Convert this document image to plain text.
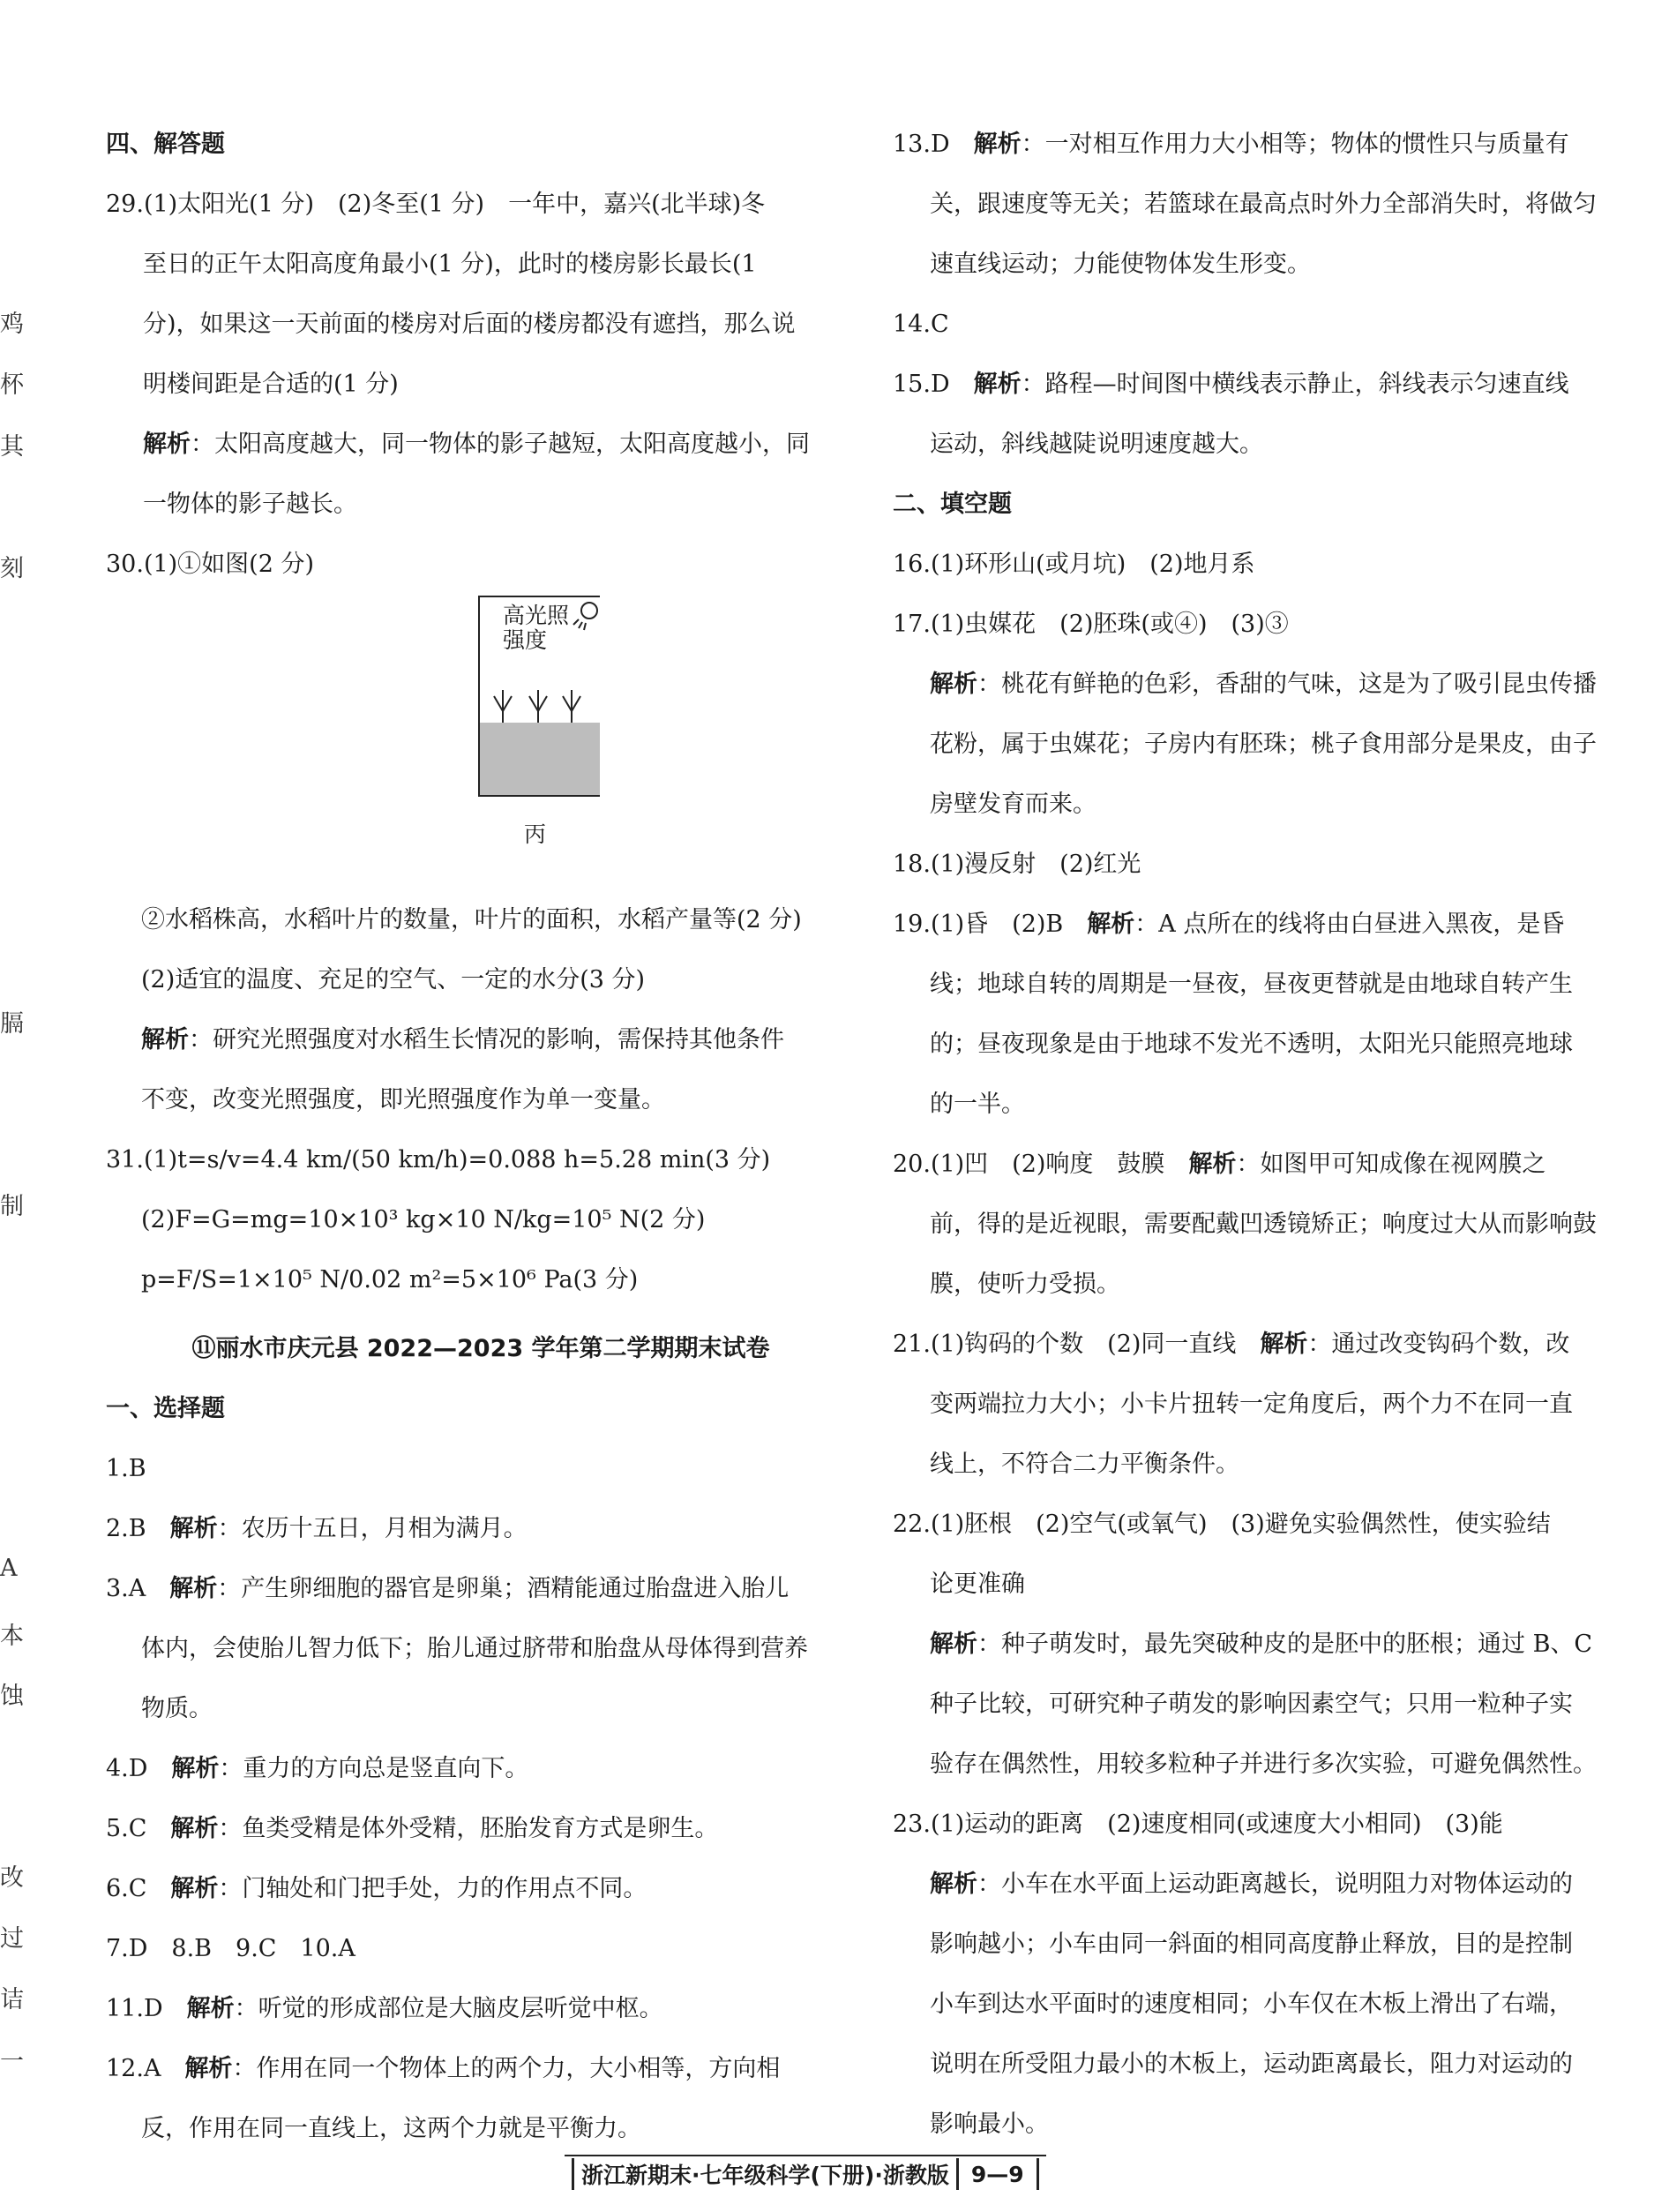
鸡
杯
其
刻
膈
制
A
本
蚀
改
过
诘
一

四、解答题

29.(1)太阳光(1 分)　(2)冬至(1 分)　一年中，嘉兴(北半球)冬

至日的正午太阳高度角最小(1 分)，此时的楼房影长最长(1

分)，如果这一天前面的楼房对后面的楼房都没有遮挡，那么说

明楼间距是合适的(1 分)

解析：太阳高度越大，同一物体的影子越短，太阳高度越小，同

一物体的影子越长。

30.(1)①如图(2 分)

高光照
强度
丙

②水稻株高，水稻叶片的数量，叶片的面积，水稻产量等(2 分)

(2)适宜的温度、充足的空气、一定的水分(3 分)

解析：研究光照强度对水稻生长情况的影响，需保持其他条件

不变，改变光照强度，即光照强度作为单一变量。

31.(1)t=s/v=4.4 km/(50 km/h)=0.088 h=5.28 min(3 分)

(2)F=G=mg=10×10³ kg×10 N/kg=10⁵ N(2 分)

p=F/S=1×10⁵ N/0.02 m²=5×10⁶ Pa(3 分)

⑪丽水市庆元县 2022—2023 学年第二学期期末试卷

一、选择题

1.B

2.B　解析：农历十五日，月相为满月。

3.A　解析：产生卵细胞的器官是卵巢；酒精能通过胎盘进入胎儿

体内，会使胎儿智力低下；胎儿通过脐带和胎盘从母体得到营养

物质。

4.D　解析：重力的方向总是竖直向下。

5.C　解析：鱼类受精是体外受精，胚胎发育方式是卵生。

6.C　解析：门轴处和门把手处，力的作用点不同。

7.D　8.B　9.C　10.A

11.D　解析：听觉的形成部位是大脑皮层听觉中枢。

12.A　解析：作用在同一个物体上的两个力，大小相等，方向相

反，作用在同一直线上，这两个力就是平衡力。

13.D　解析：一对相互作用力大小相等；物体的惯性只与质量有

关，跟速度等无关；若篮球在最高点时外力全部消失时，将做匀

速直线运动；力能使物体发生形变。

14.C

15.D　解析：路程—时间图中横线表示静止，斜线表示匀速直线

运动，斜线越陡说明速度越大。

二、填空题

16.(1)环形山(或月坑)　(2)地月系

17.(1)虫媒花　(2)胚珠(或④)　(3)③

解析：桃花有鲜艳的色彩，香甜的气味，这是为了吸引昆虫传播

花粉，属于虫媒花；子房内有胚珠；桃子食用部分是果皮，由子

房壁发育而来。

18.(1)漫反射　(2)红光

19.(1)昏　(2)B　解析：A 点所在的线将由白昼进入黑夜，是昏

线；地球自转的周期是一昼夜，昼夜更替就是由地球自转产生

的；昼夜现象是由于地球不发光不透明，太阳光只能照亮地球

的一半。

20.(1)凹　(2)响度　鼓膜　解析：如图甲可知成像在视网膜之

前，得的是近视眼，需要配戴凹透镜矫正；响度过大从而影响鼓

膜，使听力受损。

21.(1)钩码的个数　(2)同一直线　解析：通过改变钩码个数，改

变两端拉力大小；小卡片扭转一定角度后，两个力不在同一直

线上，不符合二力平衡条件。

22.(1)胚根　(2)空气(或氧气)　(3)避免实验偶然性，使实验结

论更准确

解析：种子萌发时，最先突破种皮的是胚中的胚根；通过 B、C

种子比较，可研究种子萌发的影响因素空气；只用一粒种子实

验存在偶然性，用较多粒种子并进行多次实验，可避免偶然性。

23.(1)运动的距离　(2)速度相同(或速度大小相同)　(3)能

解析：小车在水平面上运动距离越长，说明阻力对物体运动的

影响越小；小车由同一斜面的相同高度静止释放，目的是控制

小车到达水平面时的速度相同；小车仅在木板上滑出了右端，

说明在所受阻力最小的木板上，运动距离最长，阻力对运动的

影响最小。

浙江新期末·七年级科学(下册)·浙教版 9—9
